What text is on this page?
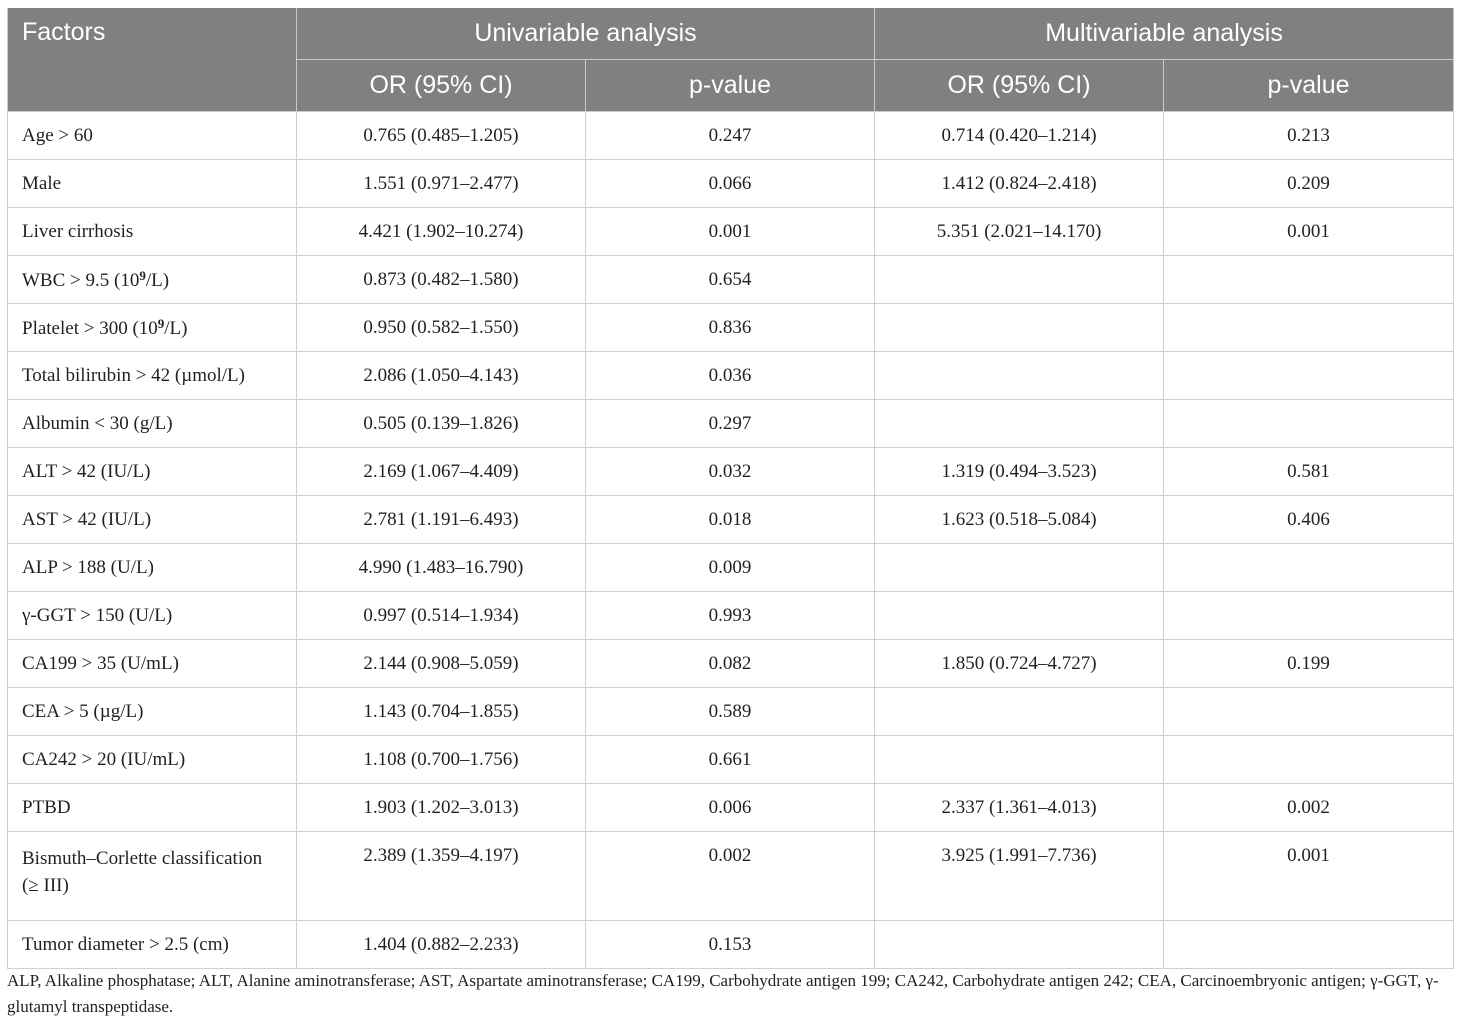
Factors	Univariable analysis		Multivariable analysis	
	OR (95% CI)	p-value	OR (95% CI)	p-value
Age > 60	0.765 (0.485–1.205)	0.247	0.714 (0.420–1.214)	0.213
Male	1.551 (0.971–2.477)	0.066	1.412 (0.824–2.418)	0.209
Liver cirrhosis	4.421 (1.902–10.274)	0.001	5.351 (2.021–14.170)	0.001
WBC > 9.5 $(10^9/L)$	0.873 (0.482–1.580)	0.654		
Platelet > 300 $(10^9/L)$	0.950 (0.582–1.550)	0.836		
Total bilirubin > 42 (µmol/L)	2.086 (1.050–4.143)	0.036		
Albumin < 30 (g/L)	0.505 (0.139–1.826)	0.297		
ALT > 42 (IU/L)	2.169 (1.067–4.409)	0.032	1.319 (0.494–3.523)	0.581
AST > 42 (IU/L)	2.781 (1.191–6.493)	0.018	1.623 (0.518–5.084)	0.406
ALP > 188 (U/L)	4.990 (1.483–16.790)	0.009		
γ-GGT > 150 (U/L)	0.997 (0.514–1.934)	0.993		
CA199 > 35 (U/mL)	2.144 (0.908–5.059)	0.082	1.850 (0.724–4.727)	0.199
CEA > 5 (µg/L)	1.143 (0.704–1.855)	0.589		
CA242 > 20 (IU/mL)	1.108 (0.700–1.756)	0.661		
PTBD	1.903 (1.202–3.013)	0.006	2.337 (1.361–4.013)	0.002
Bismuth–Corlette classification
(≥ III)	2.389 (1.359–4.197)	0.002	3.925 (1.991–7.736)	0.001
Tumor diameter > 2.5 (cm)	1.404 (0.882–2.233)	0.153		
ALP, Alkaline phosphatase; ALT, Alanine aminotransferase; AST, Aspartate aminotransferase; CA199, Carbohydrate antigen 199; CA242, Carbohydrate antigen 242; CEA, Carcinoembryonic antigen; γ-GGT, γ-glutamyl transpeptidase.
